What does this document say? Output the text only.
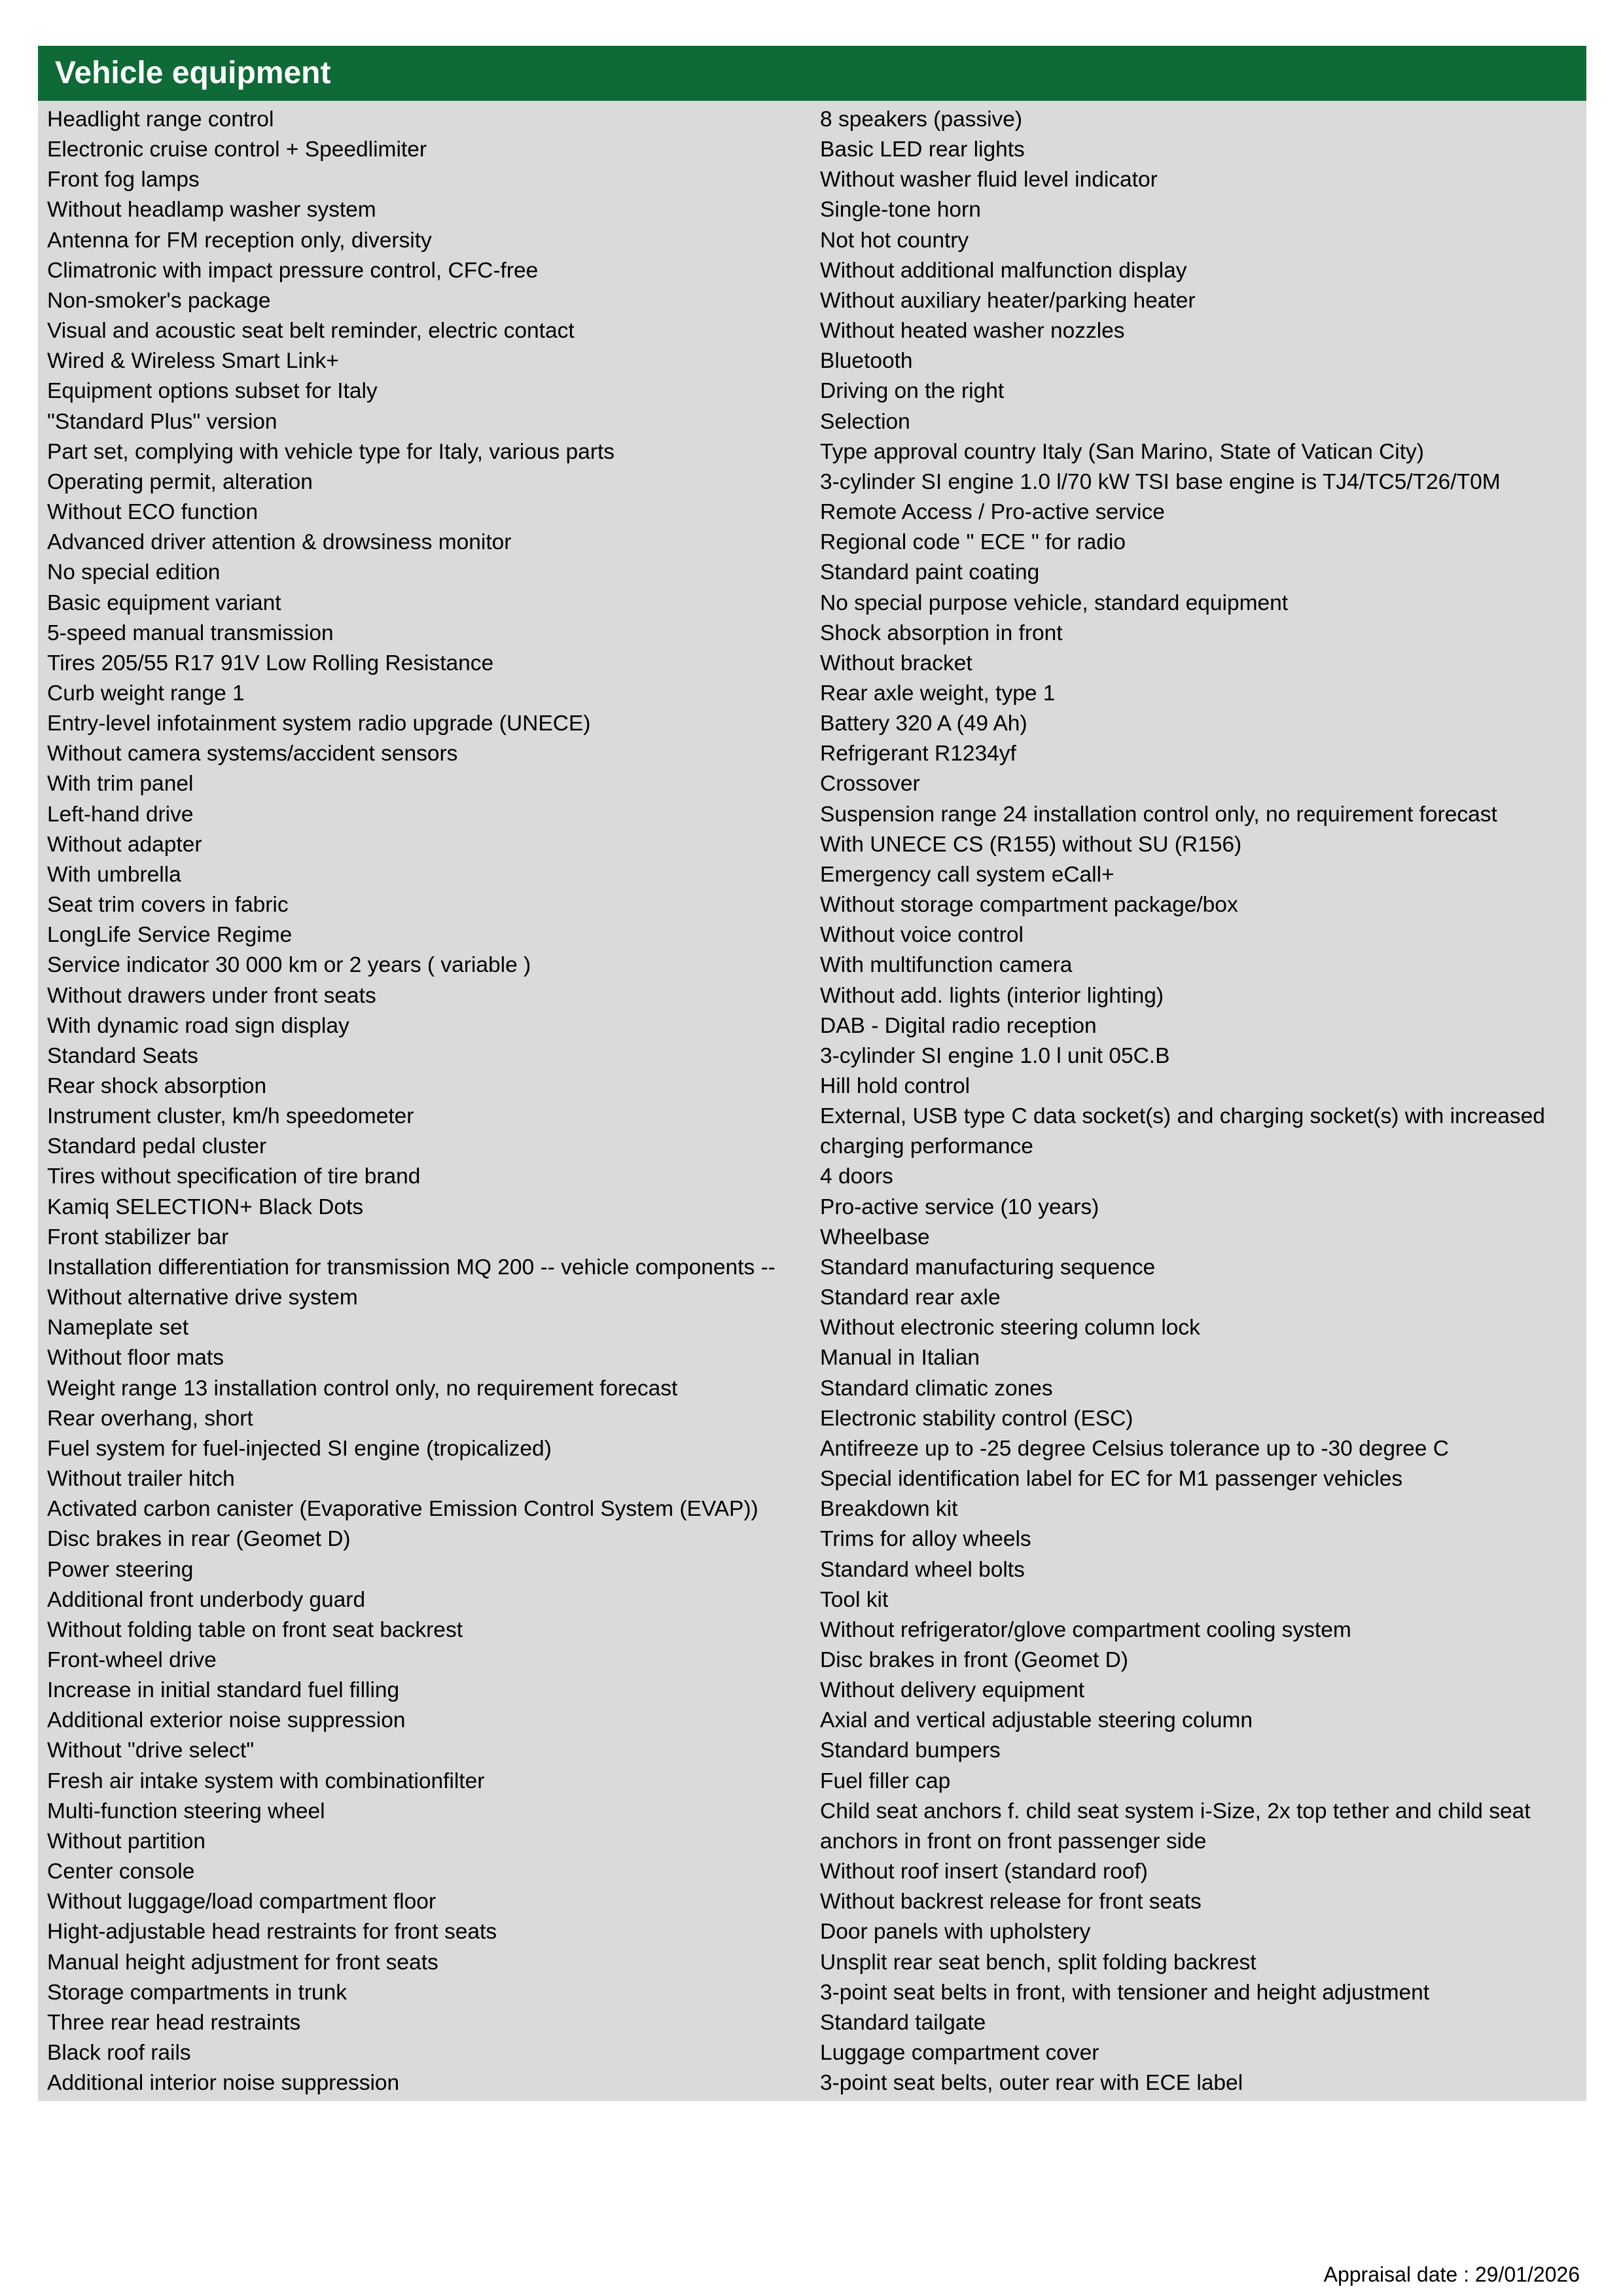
Vehicle equipment
Headlight range control
Electronic cruise control + Speedlimiter
Front fog lamps
Without headlamp washer system
Antenna for FM reception only, diversity
Climatronic with impact pressure control, CFC-free
Non-smoker's package
Visual and acoustic seat belt reminder, electric contact
Wired & Wireless Smart Link+
Equipment options subset for Italy
"Standard Plus" version
Part set, complying with vehicle type for Italy, various parts
Operating permit, alteration
Without ECO function
Advanced driver attention & drowsiness monitor
No special edition
Basic equipment variant
5-speed manual transmission
Tires 205/55 R17 91V Low Rolling Resistance
Curb weight range 1
Entry-level infotainment system radio upgrade (UNECE)
Without camera systems/accident sensors
With trim panel
Left-hand drive
Without adapter
With umbrella
Seat trim covers in fabric
LongLife Service Regime
Service indicator 30 000 km or 2 years ( variable )
Without drawers under front seats
With dynamic road sign display
Standard Seats
Rear shock absorption
Instrument cluster, km/h speedometer
Standard pedal cluster
Tires without specification of tire brand
Kamiq SELECTION+ Black Dots
Front stabilizer bar
Installation differentiation for transmission MQ 200 -- vehicle components --
Without alternative drive system
Nameplate set
Without floor mats
Weight range 13 installation control only, no requirement forecast
Rear overhang, short
Fuel system for fuel-injected SI engine (tropicalized)
Without trailer hitch
Activated carbon canister (Evaporative Emission Control System (EVAP))
Disc brakes in rear (Geomet D)
Power steering
Additional front underbody guard
Without folding table on front seat backrest
Front-wheel drive
Increase in initial standard fuel filling
Additional exterior noise suppression
Without "drive select"
Fresh air intake system with combinationfilter
Multi-function steering wheel
Without partition
Center console
Without luggage/load compartment floor
Hight-adjustable head restraints for front seats
Manual height adjustment for front seats
Storage compartments in trunk
Three rear head restraints
Black roof rails
Additional interior noise suppression
8 speakers (passive)
Basic LED rear lights
Without washer fluid level indicator
Single-tone horn
Not hot country
Without additional malfunction display
Without auxiliary heater/parking heater
Without heated washer nozzles
Bluetooth
Driving on the right
Selection
Type approval country Italy (San Marino, State of Vatican City)
3-cylinder SI engine 1.0 l/70 kW TSI base engine is TJ4/TC5/T26/T0M
Remote Access / Pro-active service
Regional code " ECE " for radio
Standard paint coating
No special purpose vehicle, standard equipment
Shock absorption in front
Without bracket
Rear axle weight, type 1
Battery 320 A (49 Ah)
Refrigerant R1234yf
Crossover
Suspension range 24 installation control only, no requirement forecast
With UNECE CS (R155) without SU (R156)
Emergency call system eCall+
Without storage compartment package/box
Without voice control
With multifunction camera
Without add. lights (interior lighting)
DAB - Digital radio reception
3-cylinder SI engine 1.0 l unit 05C.B
Hill hold control
External, USB type C data socket(s) and charging socket(s) with increased charging performance
4 doors
Pro-active service (10 years)
Wheelbase
Standard manufacturing sequence
Standard rear axle
Without electronic steering column lock
Manual in Italian
Standard climatic zones
Electronic stability control (ESC)
Antifreeze up to -25 degree Celsius tolerance up to -30 degree C
Special identification label for EC for M1 passenger vehicles
Breakdown kit
Trims for alloy wheels
Standard wheel bolts
Tool kit
Without refrigerator/glove compartment cooling system
Disc brakes in front (Geomet D)
Without delivery equipment
Axial and vertical adjustable steering column
Standard bumpers
Fuel filler cap
Child seat anchors f. child seat system i-Size, 2x top tether and child seat anchors in front on front passenger side
Without roof insert (standard roof)
Without backrest release for front seats
Door panels with upholstery
Unsplit rear seat bench, split folding backrest
3-point seat belts in front, with tensioner and height adjustment
Standard tailgate
Luggage compartment cover
3-point seat belts, outer rear with ECE label
Appraisal date : 29/01/2026
